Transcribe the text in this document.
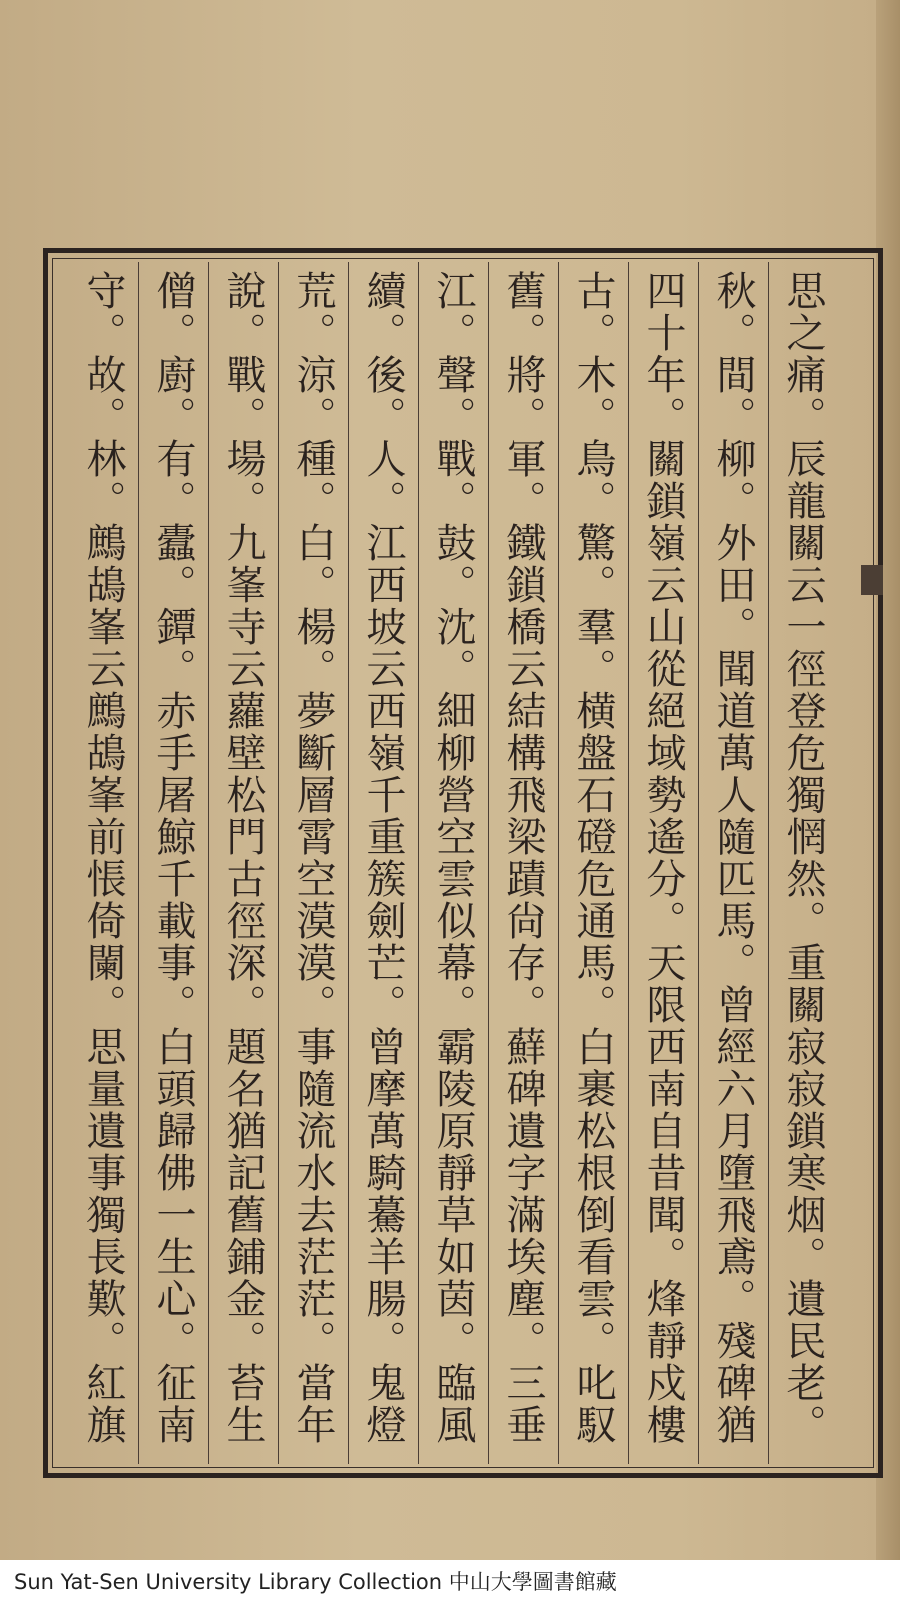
思之痛。辰龍關云一徑登危獨惘然。重關寂寂鎖寒烟。遺民老。
秋。間。柳。外田。聞道萬人隨匹馬。曾經六月墮飛鳶。殘碑猶
四十年。關鎖嶺云山從絕域勢遙分。天限西南自昔聞。烽靜戍樓
古。木。鳥。驚。羣。横盤石磴危通馬。白裹松根倒看雲。叱馭
舊。將。軍。鐵鎖橋云結構飛梁蹟尙存。蘚碑遺字滿埃塵。三垂
江。聲。戰。鼓。沈。細柳營空雲似幕。霸陵原靜草如茵。臨風
續。後。人。江西坡云西嶺千重簇劍芒。曾摩萬騎驀羊腸。鬼燈
荒。涼。種。白。楊。夢斷層霄空漠漠。事隨流水去茫茫。當年
說。戰。場。九峯寺云蘿壁松門古徑深。題名猶記舊鋪金。苔生
僧。廚。有。蠹。鐔。赤手屠鯨千載事。白頭歸佛一生心。征南
守。故。林。鷓鴣峯云鷓鴣峯前悵倚闌。思量遺事獨長歎。紅旗
Sun Yat-Sen University Library Collection 中山大學圖書館藏
